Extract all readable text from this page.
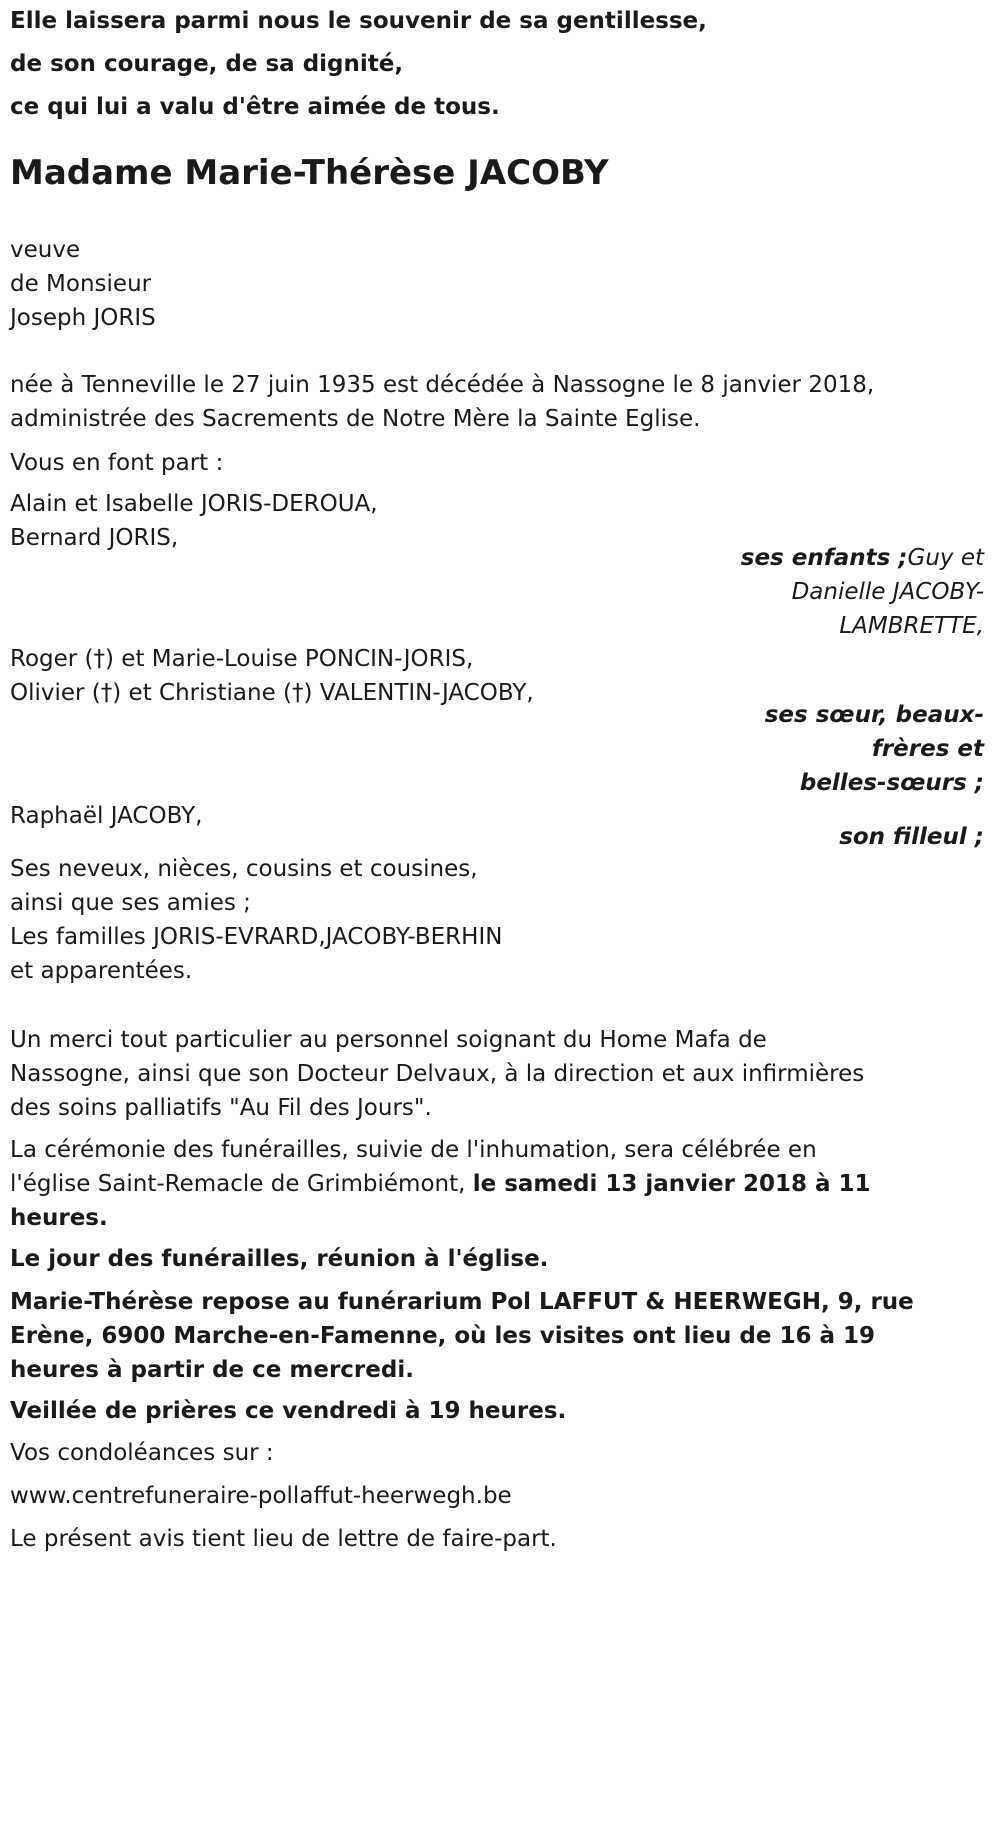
Elle laissera parmi nous le souvenir de sa gentillesse,
de son courage, de sa dignité,
ce qui lui a valu d'être aimée de tous.
Madame Marie-Thérèse JACOBY
veuve
de Monsieur
Joseph JORIS
née à Tenneville le 27 juin 1935 est décédée à Nassogne le 8 janvier 2018,
administrée des Sacrements de Notre Mère la Sainte Eglise.
Vous en font part :
Alain et Isabelle JORIS-DEROUA,
Bernard JORIS,
ses enfants ;Guy et
Danielle JACOBY-
LAMBRETTE,
Roger (†) et Marie-Louise PONCIN-JORIS,
Olivier (†) et Christiane (†) VALENTIN-JACOBY,
ses sœur, beaux-
frères et
belles-sœurs ;
Raphaël JACOBY,
son filleul ;
Ses neveux, nièces, cousins et cousines,
ainsi que ses amies ;
Les familles JORIS-EVRARD,JACOBY-BERHIN
et apparentées.
Un merci tout particulier au personnel soignant du Home Mafa de
Nassogne, ainsi que son Docteur Delvaux, à la direction et aux infirmières
des soins palliatifs "Au Fil des Jours".
La cérémonie des funérailles, suivie de l'inhumation, sera célébrée en
l'église Saint-Remacle de Grimbiémont, le samedi 13 janvier 2018 à 11
heures.
Le jour des funérailles, réunion à l'église.
Marie-Thérèse repose au funérarium Pol LAFFUT & HEERWEGH, 9, rue
Erène, 6900 Marche-en-Famenne, où les visites ont lieu de 16 à 19
heures à partir de ce mercredi.
Veillée de prières ce vendredi à 19 heures.
Vos condoléances sur :
www.centrefuneraire-pollaffut-heerwegh.be
Le présent avis tient lieu de lettre de faire-part.
